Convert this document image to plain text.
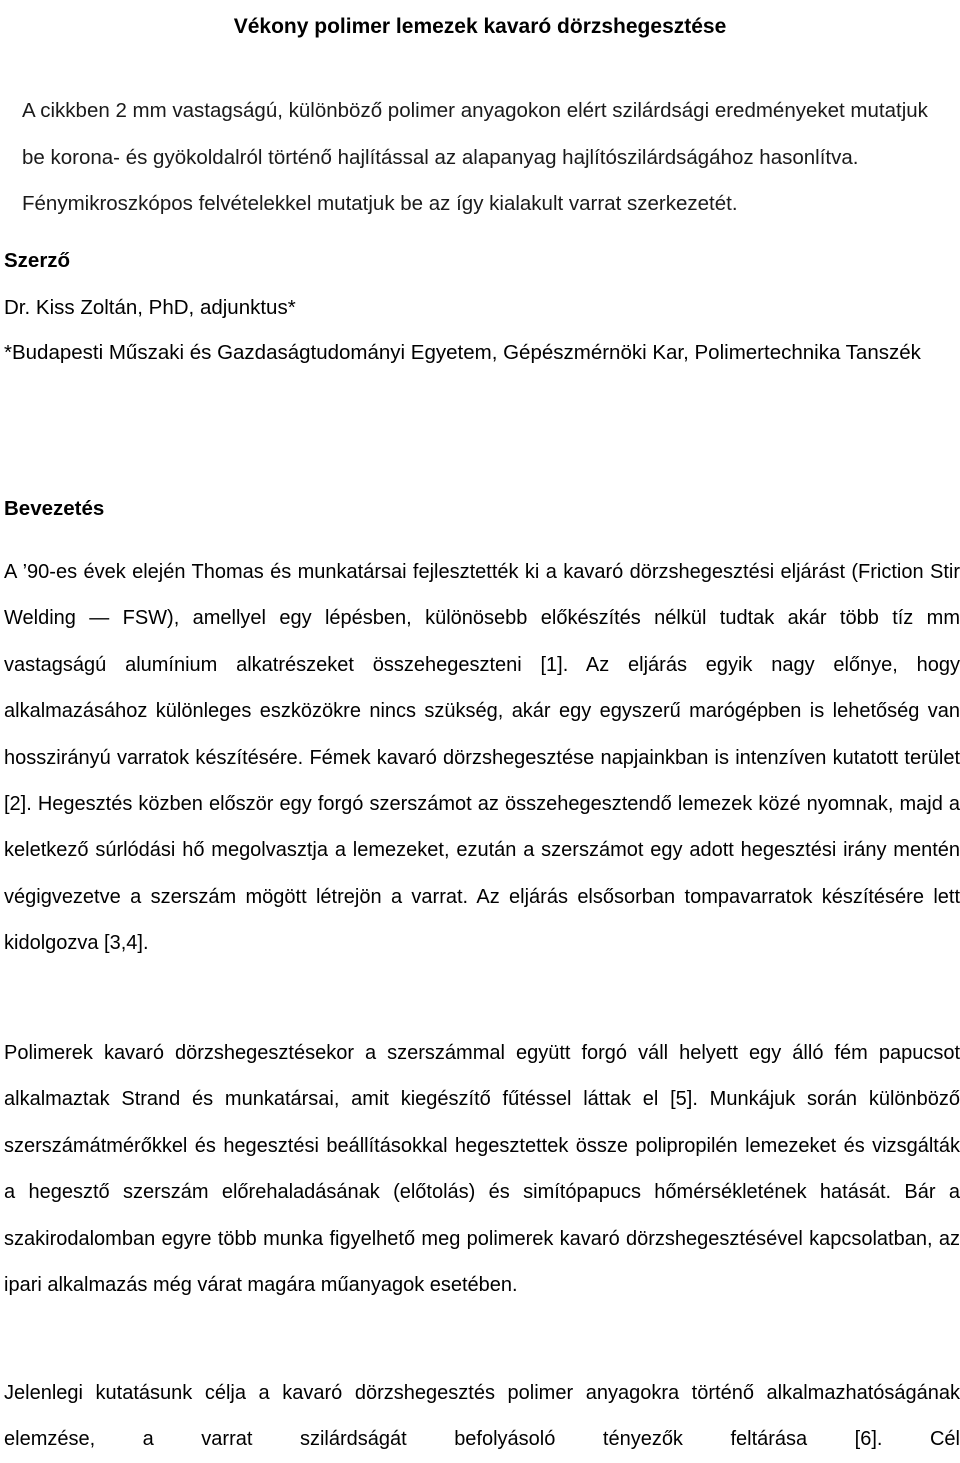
Vékony polimer lemezek kavaró dörzshegesztése

A cikkben 2 mm vastagságú, különböző polimer anyagokon elért szilárdsági eredményeket mutatjuk be korona- és gyökoldalról történő hajlítással az alapanyag hajlítószilárdságához hasonlítva. Fénymikroszkópos felvételekkel mutatjuk be az így kialakult varrat szerkezetét.

Szerző

Dr. Kiss Zoltán, PhD, adjunktus*

*Budapesti Műszaki és Gazdaságtudományi Egyetem, Gépészmérnöki Kar, Polimertechnika Tanszék

Bevezetés

A ’90-es évek elején Thomas és munkatársai fejlesztették ki a kavaró dörzshegesztési eljárást (Friction Stir Welding — FSW), amellyel egy lépésben, különösebb előkészítés nélkül tudtak akár több tíz mm vastagságú alumínium alkatrészeket összehegeszteni [1]. Az eljárás egyik nagy előnye, hogy alkalmazásához különleges eszközökre nincs szükség, akár egy egyszerű marógépben is lehetőség van hosszirányú varratok készítésére. Fémek kavaró dörzshegesztése napjainkban is intenzíven kutatott terület [2]. Hegesztés közben először egy forgó szerszámot az összehegesztendő lemezek közé nyomnak, majd a keletkező súrlódási hő megolvasztja a lemezeket, ezután a szerszámot egy adott hegesztési irány mentén végigvezetve a szerszám mögött létrejön a varrat. Az eljárás elsősorban tompavarratok készítésére lett kidolgozva [3,4].

Polimerek kavaró dörzshegesztésekor a szerszámmal együtt forgó váll helyett egy álló fém papucsot alkalmaztak Strand és munkatársai, amit kiegészítő fűtéssel láttak el [5]. Munkájuk során különböző szerszámátmérőkkel és hegesztési beállításokkal hegesztettek össze polipropilén lemezeket és vizsgálták a hegesztő szerszám előrehaladásának (előtolás) és simítópapucs hőmérsékletének hatását. Bár a szakirodalomban egyre több munka figyelhető meg polimerek kavaró dörzshegesztésével kapcsolatban, az ipari alkalmazás még várat magára műanyagok esetében.

Jelenlegi kutatásunk célja a kavaró dörzshegesztés polimer anyagokra történő alkalmazhatóságának elemzése, a varrat szilárdságát befolyásoló tényezők feltárása [6]. Cél
